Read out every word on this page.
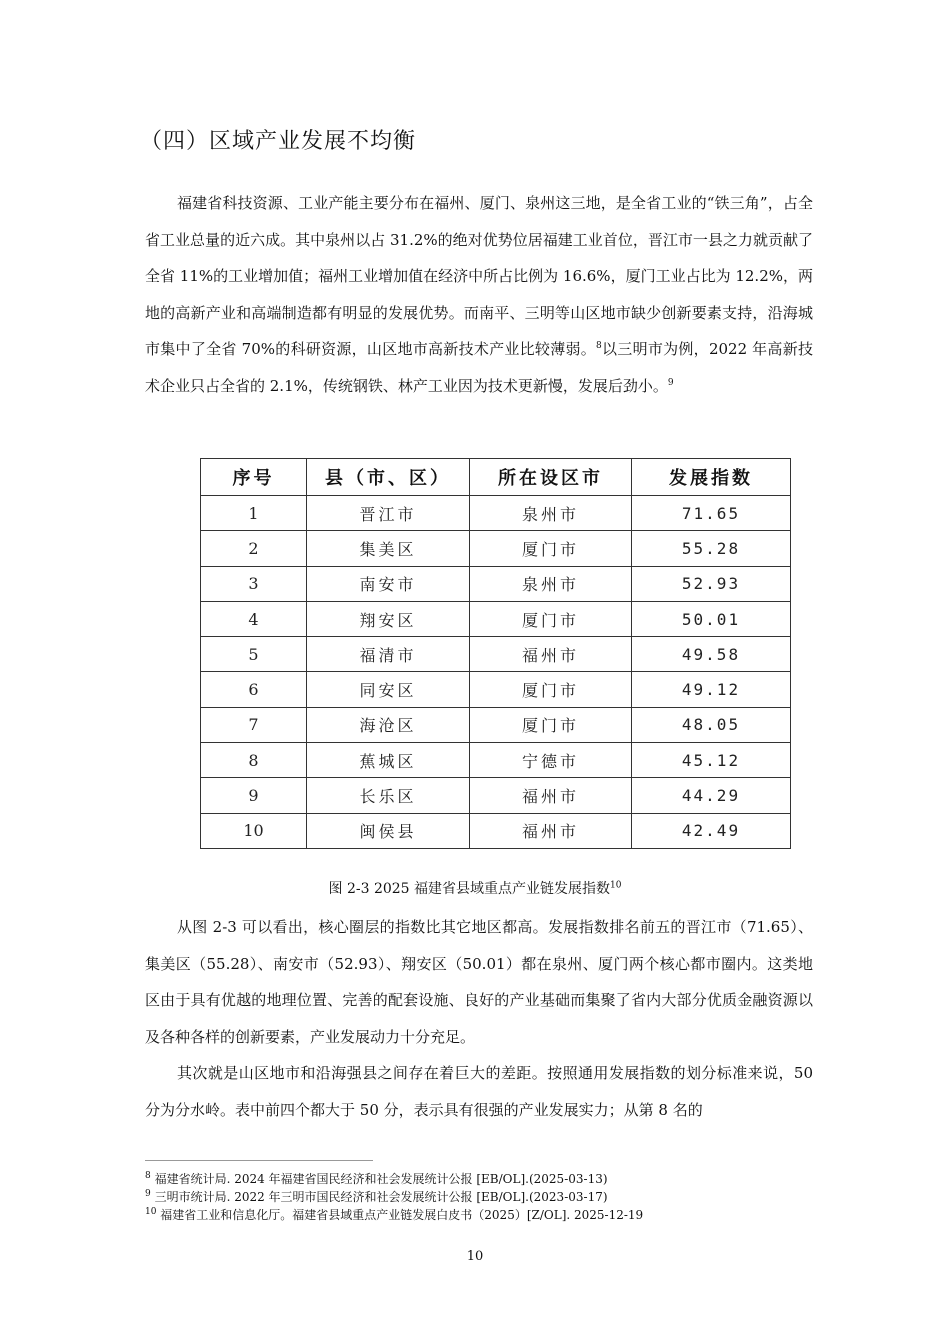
（四）区域产业发展不均衡

福建省科技资源、工业产能主要分布在福州、厦门、泉州这三地，是全省工业的“铁三角”，占全省工业总量的近六成。其中泉州以占 31.2%的绝对优势位居福建工业首位，晋江市一县之力就贡献了全省 11%的工业增加值；福州工业增加值在经济中所占比例为 16.6%，厦门工业占比为 12.2%，两地的高新产业和高端制造都有明显的发展优势。而南平、三明等山区地市缺少创新要素支持，沿海城市集中了全省 70%的科研资源，山区地市高新技术产业比较薄弱。$^8$以三明市为例，2022 年高新技术企业只占全省的 2.1%，传统钢铁、林产工业因为技术更新慢，发展后劲小。$^9$

序号	县（市、区）	所在设区市	发展指数
1	晋江市	泉州市	71.65
2	集美区	厦门市	55.28
3	南安市	泉州市	52.93
4	翔安区	厦门市	50.01
5	福清市	福州市	49.58
6	同安区	厦门市	49.12
7	海沧区	厦门市	48.05
8	蕉城区	宁德市	45.12
9	长乐区	福州市	44.29
10	闽侯县	福州市	42.49
图 2-3 2025 福建省县域重点产业链发展指数$^{10}$

从图 2-3 可以看出，核心圈层的指数比其它地区都高。发展指数排名前五的晋江市（71.65）、集美区（55.28）、南安市（52.93）、翔安区（50.01）都在泉州、厦门两个核心都市圈内。这类地区由于具有优越的地理位置、完善的配套设施、良好的产业基础而集聚了省内大部分优质金融资源以及各种各样的创新要素，产业发展动力十分充足。

其次就是山区地市和沿海强县之间存在着巨大的差距。按照通用发展指数的划分标准来说，50 分为分水岭。表中前四个都大于 50 分，表示具有很强的产业发展实力；从第 8 名的

$^8$ 福建省统计局. 2024 年福建省国民经济和社会发展统计公报 [EB/OL].(2025-03-13)

$^9$ 三明市统计局. 2022 年三明市国民经济和社会发展统计公报 [EB/OL].(2023-03-17)

$^{10}$ 福建省工业和信息化厅。福建省县域重点产业链发展白皮书（2025）[Z/OL]. 2025-12-19

10
